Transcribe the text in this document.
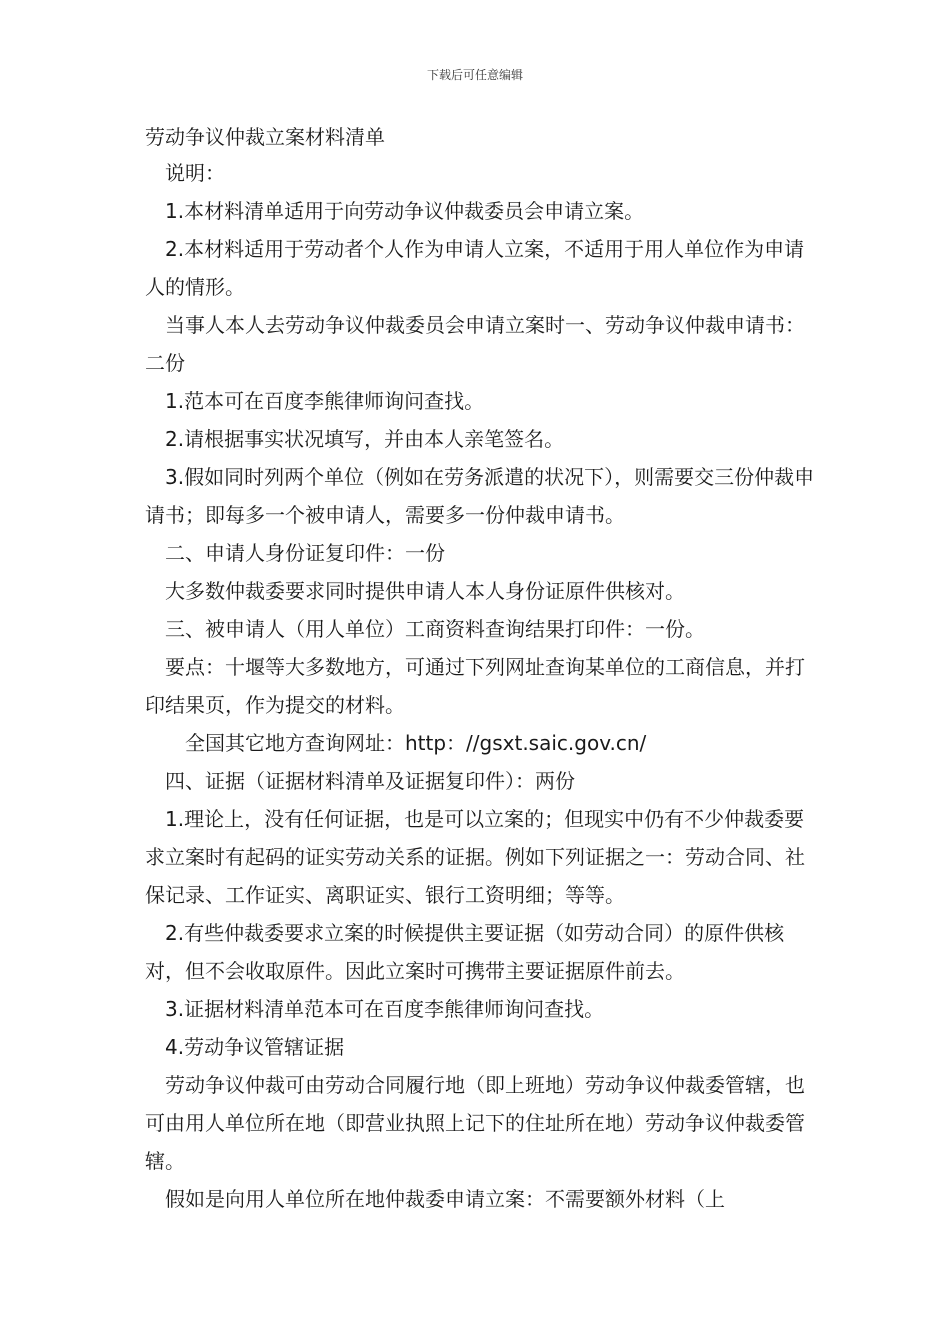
下载后可任意编辑

劳动争议仲裁立案材料清单

说明：

1.本材料清单适用于向劳动争议仲裁委员会申请立案。

2.本材料适用于劳动者个人作为申请人立案，不适用于用人单位作为申请人的情形。

当事人本人去劳动争议仲裁委员会申请立案时一、劳动争议仲裁申请书：二份

1.范本可在百度李熊律师询问查找。

2.请根据事实状况填写，并由本人亲笔签名。

3.假如同时列两个单位（例如在劳务派遣的状况下），则需要交三份仲裁申请书；即每多一个被申请人，需要多一份仲裁申请书。

二、申请人身份证复印件：一份

大多数仲裁委要求同时提供申请人本人身份证原件供核对。

三、被申请人（用人单位）工商资料查询结果打印件：一份。

要点：十堰等大多数地方，可通过下列网址查询某单位的工商信息，并打印结果页，作为提交的材料。

全国其它地方查询网址：http：//gsxt.saic.gov.cn/

四、证据（证据材料清单及证据复印件）：两份

1.理论上，没有任何证据，也是可以立案的；但现实中仍有不少仲裁委要求立案时有起码的证实劳动关系的证据。例如下列证据之一：劳动合同、社保记录、工作证实、离职证实、银行工资明细；等等。

2.有些仲裁委要求立案的时候提供主要证据（如劳动合同）的原件供核对，但不会收取原件。因此立案时可携带主要证据原件前去。

3.证据材料清单范本可在百度李熊律师询问查找。

4.劳动争议管辖证据

劳动争议仲裁可由劳动合同履行地（即上班地）劳动争议仲裁委管辖，也可由用人单位所在地（即营业执照上记下的住址所在地）劳动争议仲裁委管辖。

假如是向用人单位所在地仲裁委申请立案：不需要额外材料（上
